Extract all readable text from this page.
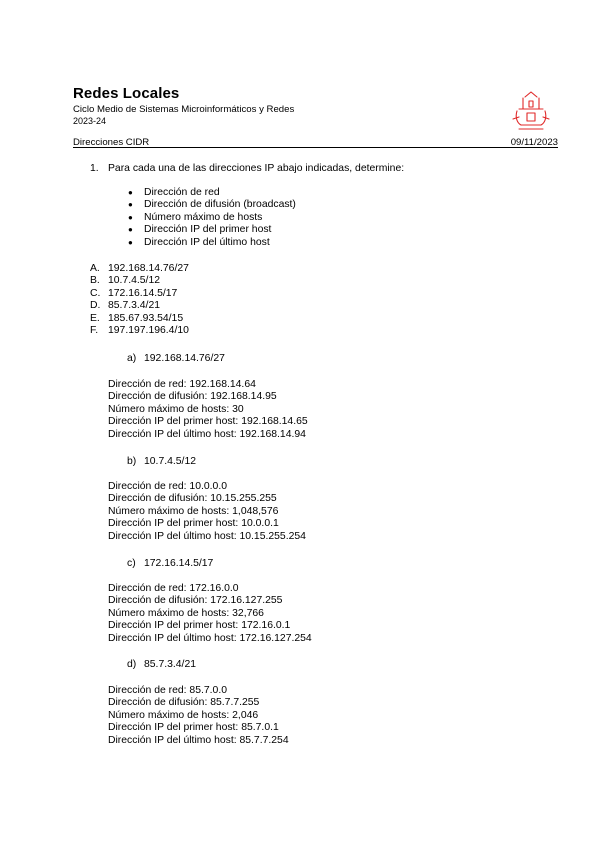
Redes Locales
Ciclo Medio de Sistemas Microinformáticos y Redes
2023-24
Direcciones CIDR	09/11/2023
1. Para cada una de las direcciones IP abajo indicadas, determine:
●	Dirección de red
●	Dirección de difusión (broadcast)
●	Número máximo de hosts
●	Dirección IP del primer host
●	Dirección IP del último host
A. 192.168.14.76/27
B. 10.7.4.5/12
C. 172.16.14.5/17
D. 85.7.3.4/21
E. 185.67.93.54/15
F. 197.197.196.4/10
a) 192.168.14.76/27
Dirección de red: 192.168.14.64
Dirección de difusión: 192.168.14.95
Número máximo de hosts: 30
Dirección IP del primer host: 192.168.14.65
Dirección IP del último host: 192.168.14.94
b) 10.7.4.5/12
Dirección de red: 10.0.0.0
Dirección de difusión: 10.15.255.255
Número máximo de hosts: 1,048,576
Dirección IP del primer host: 10.0.0.1
Dirección IP del último host: 10.15.255.254
c) 172.16.14.5/17
Dirección de red: 172.16.0.0
Dirección de difusión: 172.16.127.255
Número máximo de hosts: 32,766
Dirección IP del primer host: 172.16.0.1
Dirección IP del último host: 172.16.127.254
d) 85.7.3.4/21
Dirección de red: 85.7.0.0
Dirección de difusión: 85.7.7.255
Número máximo de hosts: 2,046
Dirección IP del primer host: 85.7.0.1
Dirección IP del último host: 85.7.7.254
